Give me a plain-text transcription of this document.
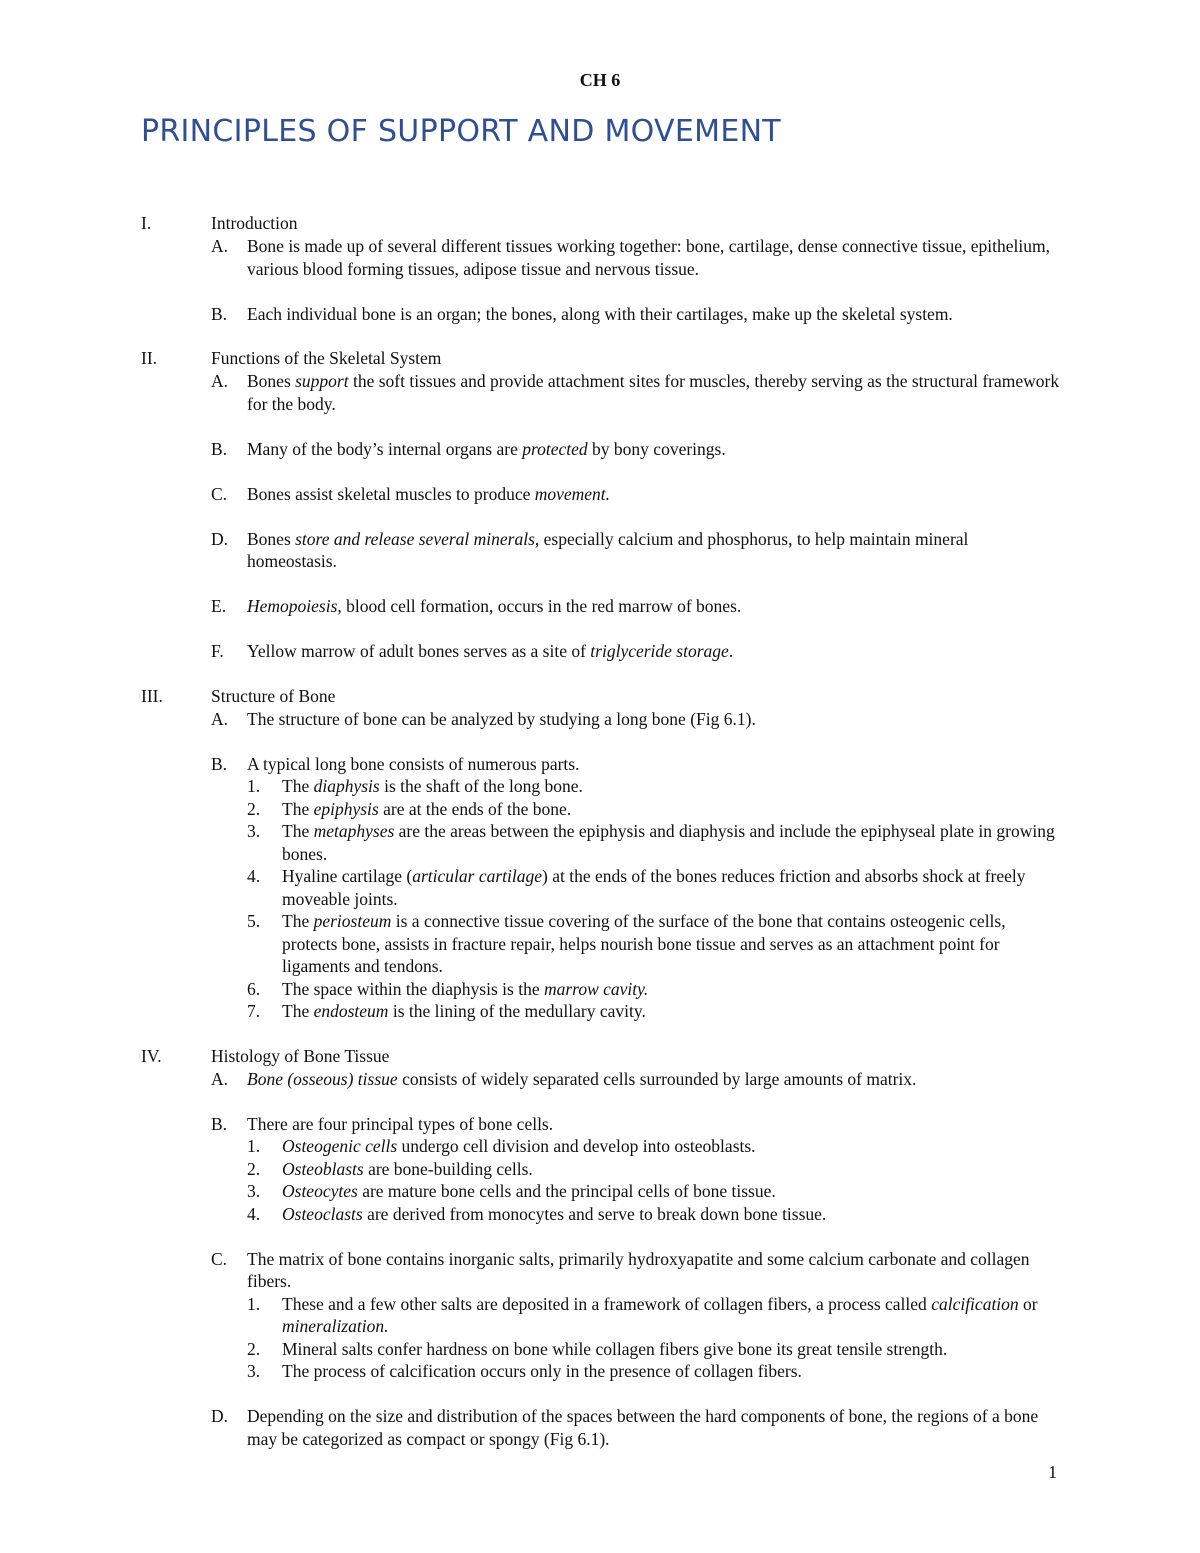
CH 6
PRINCIPLES OF SUPPORT AND MOVEMENT
I.	Introduction
A. Bone is made up of several different tissues working together: bone, cartilage, dense connective tissue, epithelium, various blood forming tissues, adipose tissue and nervous tissue.
B. Each individual bone is an organ; the bones, along with their cartilages, make up the skeletal system.
II.	Functions of the Skeletal System
A. Bones support the soft tissues and provide attachment sites for muscles, thereby serving as the structural framework for the body.
B. Many of the body’s internal organs are protected by bony coverings.
C. Bones assist skeletal muscles to produce movement.
D. Bones store and release several minerals, especially calcium and phosphorus, to help maintain mineral homeostasis.
E. Hemopoiesis, blood cell formation, occurs in the red marrow of bones.
F. Yellow marrow of adult bones serves as a site of triglyceride storage.
III.	Structure of Bone
A. The structure of bone can be analyzed by studying a long bone (Fig 6.1).
B. A typical long bone consists of numerous parts.
1. The diaphysis is the shaft of the long bone.
2. The epiphysis are at the ends of the bone.
3. The metaphyses are the areas between the epiphysis and diaphysis and include the epiphyseal plate in growing bones.
4. Hyaline cartilage (articular cartilage) at the ends of the bones reduces friction and absorbs shock at freely moveable joints.
5. The periosteum is a connective tissue covering of the surface of the bone that contains osteogenic cells, protects bone, assists in fracture repair, helps nourish bone tissue and serves as an attachment point for ligaments and tendons.
6. The space within the diaphysis is the marrow cavity.
7. The endosteum is the lining of the medullary cavity.
IV.	Histology of Bone Tissue
A. Bone (osseous) tissue consists of widely separated cells surrounded by large amounts of matrix.
B. There are four principal types of bone cells.
1. Osteogenic cells undergo cell division and develop into osteoblasts.
2. Osteoblasts are bone-building cells.
3. Osteocytes are mature bone cells and the principal cells of bone tissue.
4. Osteoclasts are derived from monocytes and serve to break down bone tissue.
C. The matrix of bone contains inorganic salts, primarily hydroxyapatite and some calcium carbonate and collagen fibers.
1. These and a few other salts are deposited in a framework of collagen fibers, a process called calcification or mineralization.
2. Mineral salts confer hardness on bone while collagen fibers give bone its great tensile strength.
3. The process of calcification occurs only in the presence of collagen fibers.
D. Depending on the size and distribution of the spaces between the hard components of bone, the regions of a bone may be categorized as compact or spongy (Fig 6.1).
1
